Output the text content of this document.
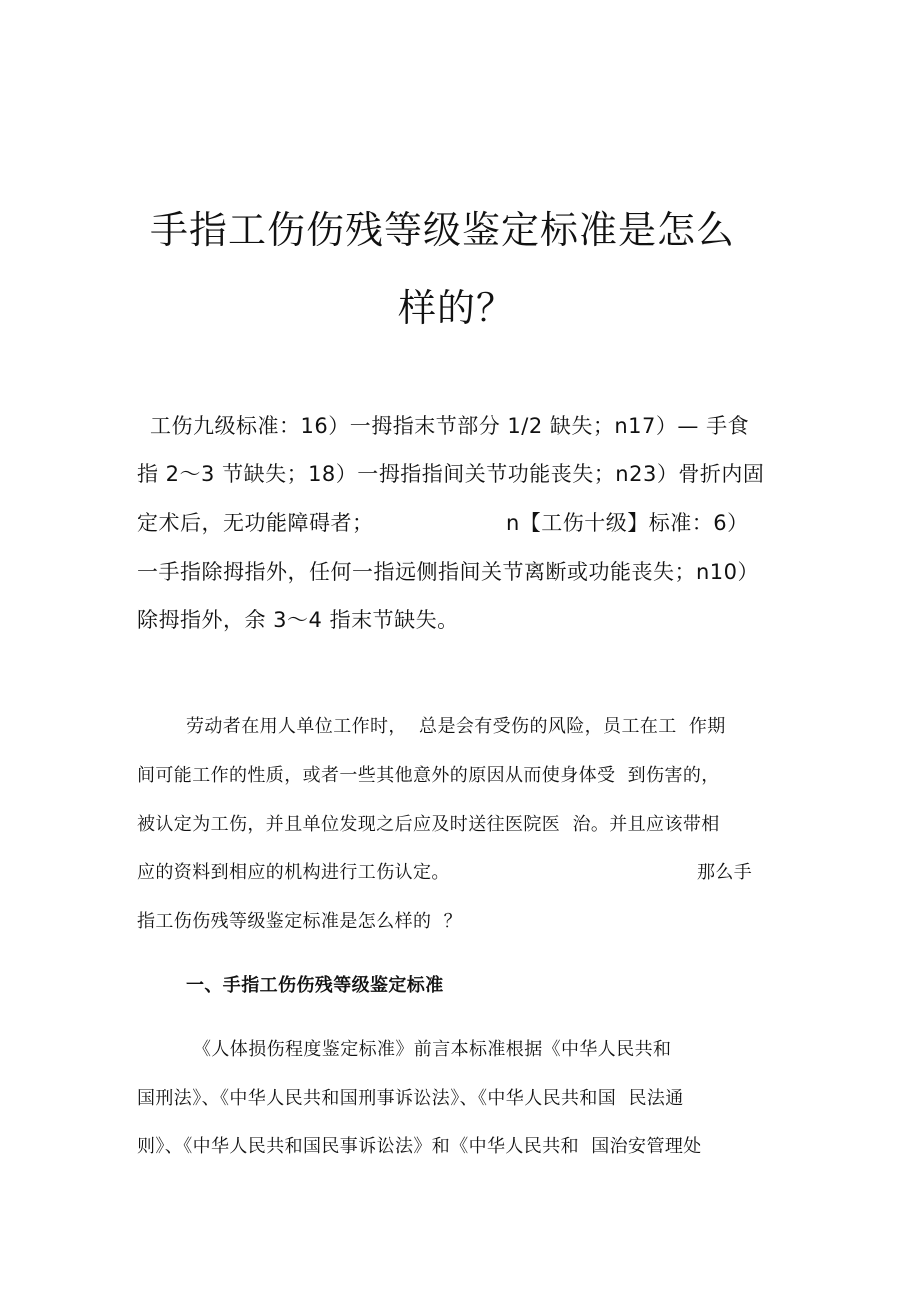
手指工伤伤残等级鉴定标准是怎么
样的？

工伤九级标准：16）一拇指末节部分 1/2 缺失；n17）— 手食

指 2～3 节缺失；18）一拇指指间关节功能丧失；n23）骨折内固

定术后，无功能障碍者；	n【工伤十级】标准：6）

一手指除拇指外，任何一指远侧指间关节离断或功能丧失；n10）

除拇指外，余 3～4 指末节缺失。

劳动者在用人单位工作时，  总是会有受伤的风险，员工在工  作期

间可能工作的性质，或者一些其他意外的原因从而使身体受  到伤害的，

被认定为工伤，并且单位发现之后应及时送往医院医  治。并且应该带相

应的资料到相应的机构进行工伤认定。	那么手

指工伤伤残等级鉴定标准是怎么样的  ？

一、手指工伤伤残等级鉴定标准

《人体损伤程度鉴定标准》前言本标准根据《中华人民共和

国刑法》、《中华人民共和国刑事诉讼法》、《中华人民共和国  民法通

则》、《中华人民共和国民事诉讼法》和《中华人民共和  国治安管理处
